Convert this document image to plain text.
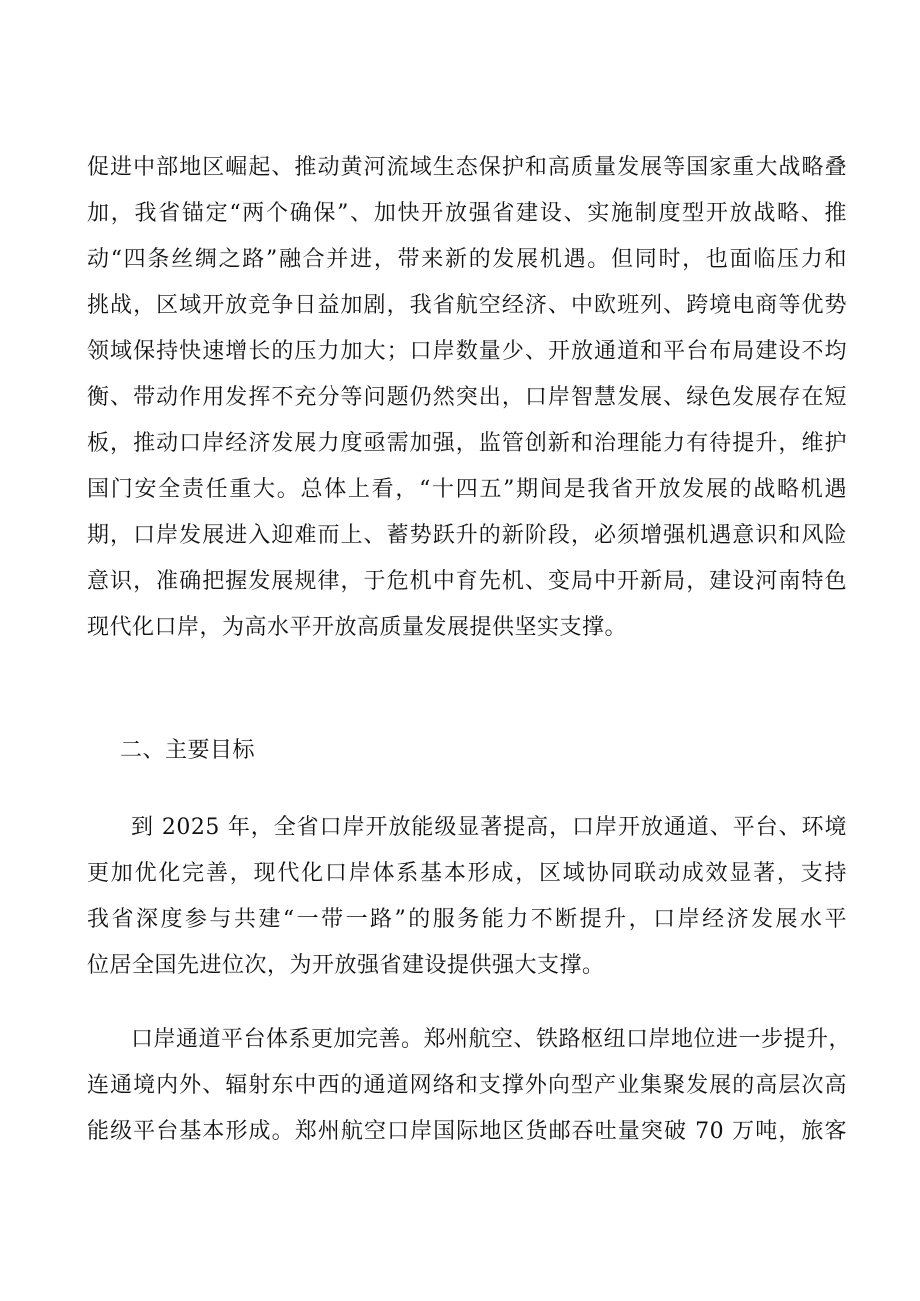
促进中部地区崛起、推动黄河流域生态保护和高质量发展等国家重大战略叠
加，我省锚定“两个确保”、加快开放强省建设、实施制度型开放战略、推
动“四条丝绸之路”融合并进，带来新的发展机遇。但同时，也面临压力和
挑战，区域开放竞争日益加剧，我省航空经济、中欧班列、跨境电商等优势
领域保持快速增长的压力加大；口岸数量少、开放通道和平台布局建设不均
衡、带动作用发挥不充分等问题仍然突出，口岸智慧发展、绿色发展存在短
板，推动口岸经济发展力度亟需加强，监管创新和治理能力有待提升，维护
国门安全责任重大。总体上看，“十四五”期间是我省开放发展的战略机遇
期，口岸发展进入迎难而上、蓄势跃升的新阶段，必须增强机遇意识和风险
意识，准确把握发展规律，于危机中育先机、变局中开新局，建设河南特色
现代化口岸，为高水平开放高质量发展提供坚实支撑。

二、主要目标

到 2025 年，全省口岸开放能级显著提高，口岸开放通道、平台、环境
更加优化完善，现代化口岸体系基本形成，区域协同联动成效显著，支持
我省深度参与共建“一带一路”的服务能力不断提升，口岸经济发展水平
位居全国先进位次，为开放强省建设提供强大支撑。
口岸通道平台体系更加完善。郑州航空、铁路枢纽口岸地位进一步提升，
连通境内外、辐射东中西的通道网络和支撑外向型产业集聚发展的高层次高
能级平台基本形成。郑州航空口岸国际地区货邮吞吐量突破 70 万吨，旅客
